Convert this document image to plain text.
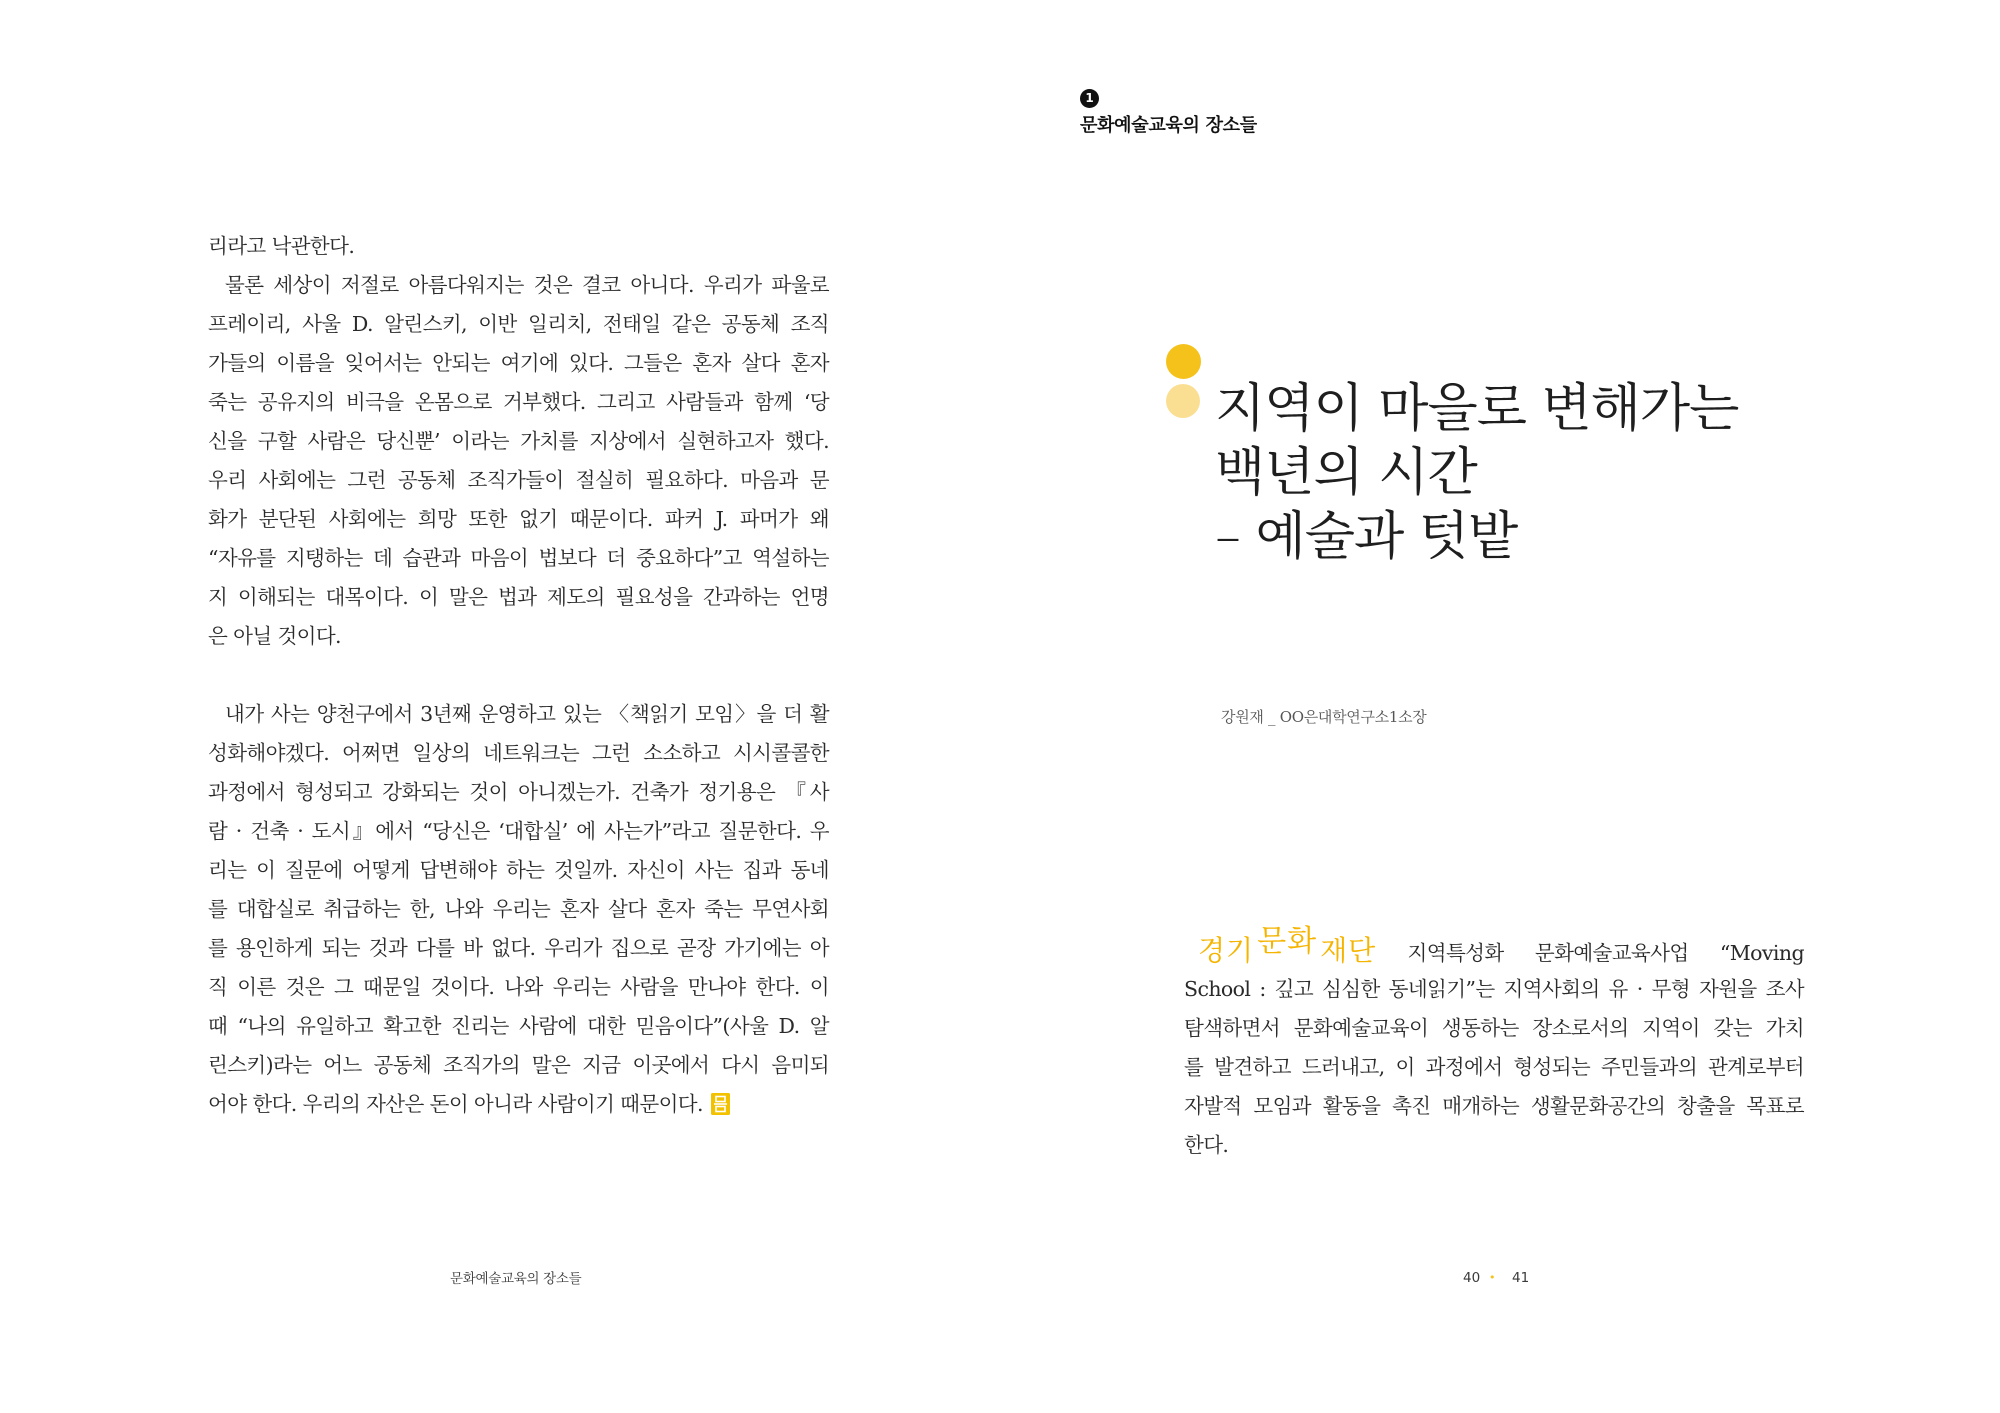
리라고 낙관한다.
물론 세상이 저절로 아름다워지는 것은 결코 아니다. 우리가 파울로
프레이리, 사울 D. 알린스키, 이반 일리치, 전태일 같은 공동체 조직
가들의 이름을 잊어서는 안되는 여기에 있다. 그들은 혼자 살다 혼자
죽는 공유지의 비극을 온몸으로 거부했다. 그리고 사람들과 함께 ‘당
신을 구할 사람은 당신뿐’ 이라는 가치를 지상에서 실현하고자 했다.
우리 사회에는 그런 공동체 조직가들이 절실히 필요하다. 마음과 문
화가 분단된 사회에는 희망 또한 없기 때문이다. 파커 J. 파머가 왜
“자유를 지탱하는 데 습관과 마음이 법보다 더 중요하다”고 역설하는
지 이해되는 대목이다. 이 말은 법과 제도의 필요성을 간과하는 언명
은 아닐 것이다.
내가 사는 양천구에서 3년째 운영하고 있는 〈책읽기 모임〉을 더 활
성화해야겠다. 어쩌면 일상의 네트워크는 그런 소소하고 시시콜콜한
과정에서 형성되고 강화되는 것이 아니겠는가. 건축가 정기용은 『사
람 · 건축 · 도시』에서 “당신은 ‘대합실’ 에 사는가”라고 질문한다. 우
리는 이 질문에 어떻게 답변해야 하는 것일까. 자신이 사는 집과 동네
를 대합실로 취급하는 한, 나와 우리는 혼자 살다 혼자 죽는 무연사회
를 용인하게 되는 것과 다를 바 없다. 우리가 집으로 곧장 가기에는 아
직 이른 것은 그 때문일 것이다. 나와 우리는 사람을 만나야 한다. 이
때 “나의 유일하고 확고한 진리는 사람에 대한 믿음이다”(사울 D. 알
린스키)라는 어느 공동체 조직가의 말은 지금 이곳에서 다시 음미되
어야 한다. 우리의 자산은 돈이 아니라 사람이기 때문이다.
문화예술교육의 장소들
1
문화예술교육의 장소들
지역이 마을로 변해가는
백년의 시간
– 예술과 텃밭
강원재 _ OO은대학연구소1소장
경기 문화 재단 지역특성화 문화예술교육사업 “Moving
School : 깊고 심심한 동네읽기”는 지역사회의 유 · 무형 자원을 조사
탐색하면서 문화예술교육이 생동하는 장소로서의 지역이 갖는 가치
를 발견하고 드러내고, 이 과정에서 형성되는 주민들과의 관계로부터
자발적 모임과 활동을 촉진 매개하는 생활문화공간의 창출을 목표로
한다.
40 • 41
